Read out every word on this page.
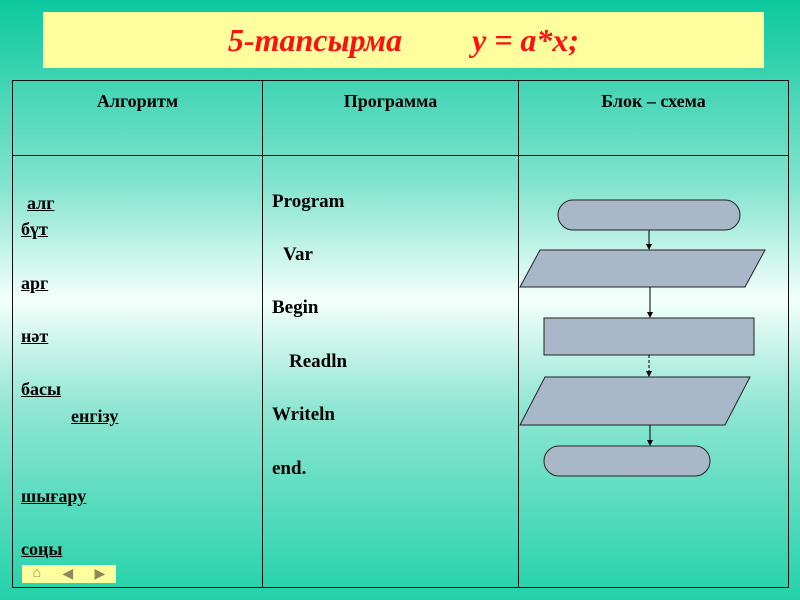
5-тапсырма y = a*x;
Алгоритм	Программа	Блок – схема
алг
бүт
арг
нәт
басы
енгізу
шығару
соңы
Program
Var
Begin
Readln
Writeln
end.
⌂ ◀ ▶
